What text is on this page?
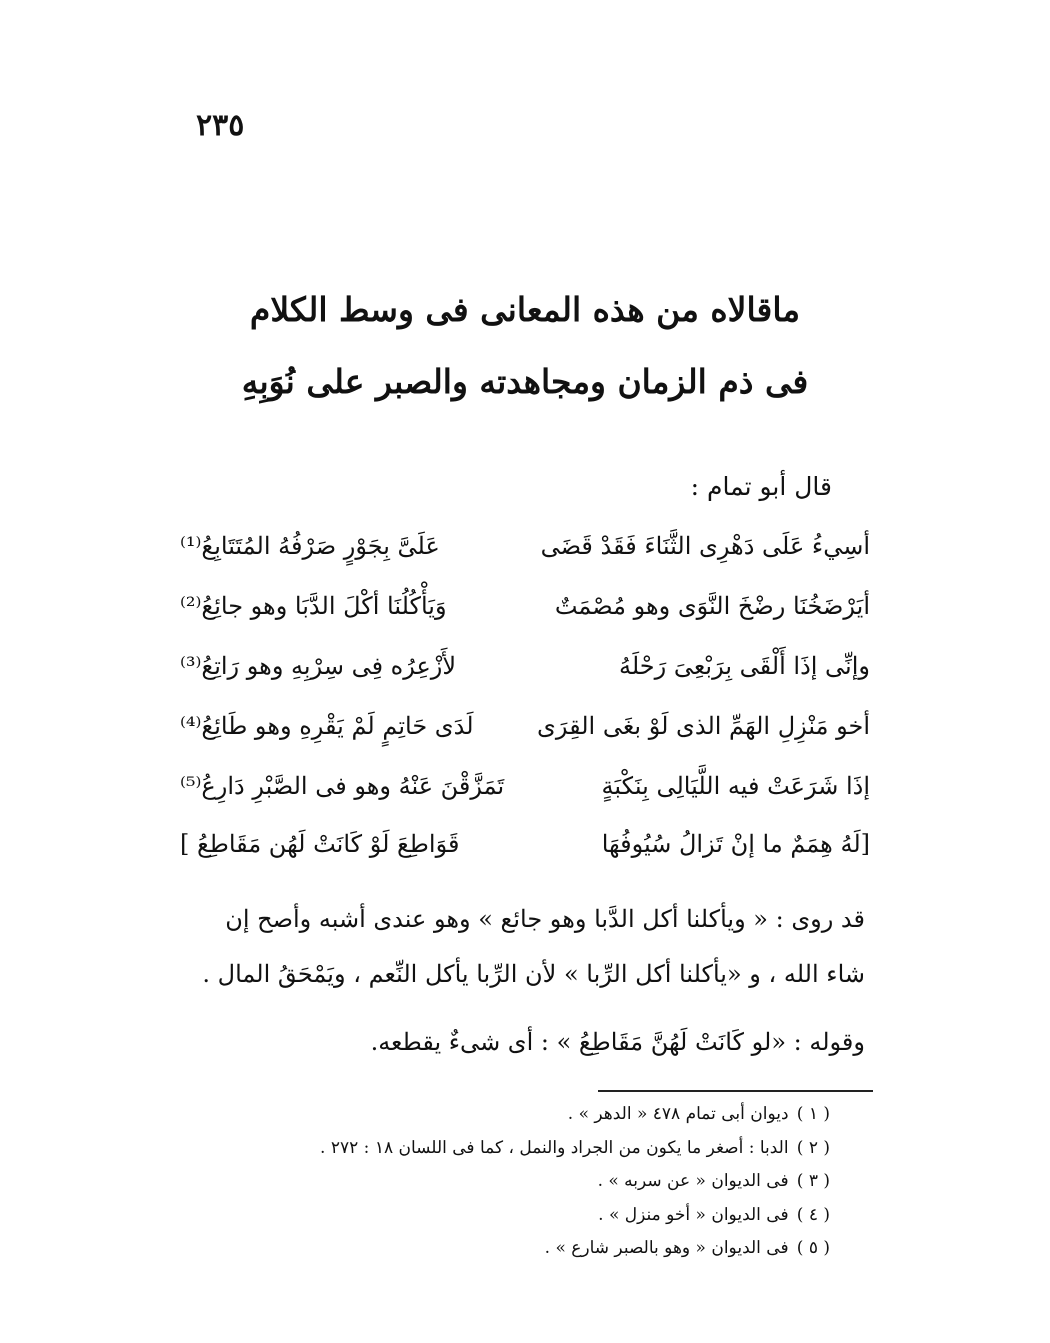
٢٣٥
ماقالاه من هذه المعانى فى وسط الكلام
فى ذم الزمان ومجاهدته والصبر على نُوَبِهِ
قال أبو تمام :
أسِيءُ عَلَى دَهْرِى الثَّنَاءَ فَقَدْ قَضَى
عَلَىَّ بِجَوْرٍ صَرْفُهُ المُتَتَابِعُ⁽¹⁾
أيَرْضَخُنَا رضْخَ النَّوَى وهو مُصْمَتٌ
وَيَأْكُلُنَا أكْلَ الدَّبَا وهو جائِعُ⁽²⁾
وإنِّى إذَا أَلْقَى بِرَبْعِىَ رَحْلَهُ
لأَزْعِرُه فِى سِرْبِهِ وهو رَاتِعُ⁽³⁾
أخو مَنْزِلِ الهَمِّ الذى لَوْ بغَى القِرَى
لَدَى حَاتِمٍ لَمْ يَقْرِهِ وهو طَائِعُ⁽⁴⁾
إذَا شَرَعَتْ فيه اللَّيَالِى بِنَكْبَةٍ
تَمَزَّقْنَ عَنْهُ وهو فى الصَّبْرِ دَارِعُ⁽⁵⁾
[لَهُ هِمَمٌ ما إنْ تَزالُ سُيُوفُهَا
قَوَاطِعَ لَوْ كَانَتْ لَهُن مَقَاطِعُ ]
قد روى : « ويأكلنا أكل الدَّبا وهو جائع » وهو عندى أشبه وأصح إن
شاء الله ، و «يأكلنا أكل الرِّبا » لأن الرِّبا يأكل النِّعم ، ويَمْحَقُ المال .
وقوله : «لو كَانَتْ لَهُنَّ مَقَاطِعُ » : أى شىءٌ يقطعه.
( ١ ) ديوان أبى تمام ٤٧٨ « الدهر » .
( ٢ ) الدبا : أصغر ما يكون من الجراد والنمل ، كما فى اللسان ١٨ : ٢٧٢ .
( ٣ ) فى الديوان « عن سربه » .
( ٤ ) فى الديوان « أخو منزل » .
( ٥ ) فى الديوان « وهو بالصبر شارع » .
